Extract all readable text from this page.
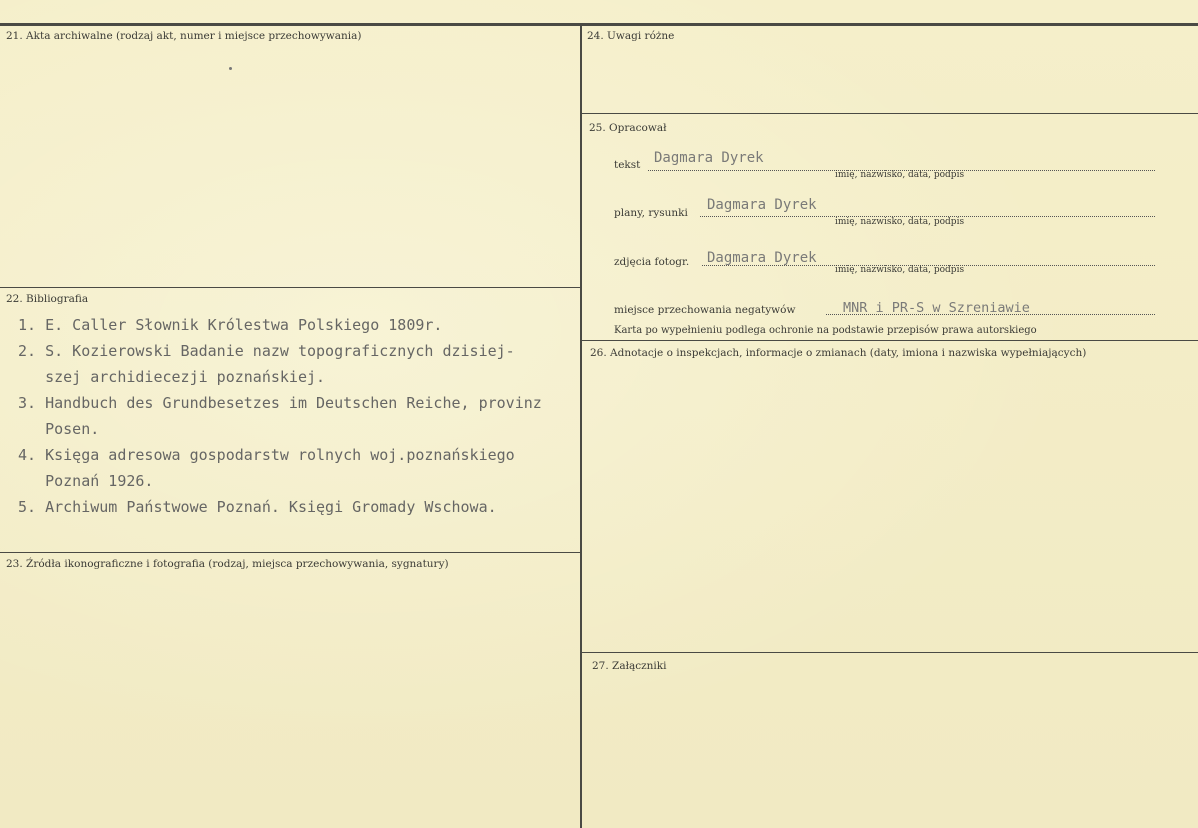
21. Akta archiwalne (rodzaj akt, numer i miejsce przechowywania)
22. Bibliografia
1. E. Caller Słownik Królestwa Polskiego 1809r.
2. S. Kozierowski Badanie nazw topograficznych dzisiej-
szej archidiecezji poznańskiej.
3. Handbuch des Grundbesetzes im Deutschen Reiche, provinz
Posen.
4. Księga adresowa gospodarstw rolnych woj.poznańskiego
Poznań 1926.
5. Archiwum Państwowe Poznań. Księgi Gromady Wschowa.
23. Źródła ikonograficzne i fotografia (rodzaj, miejsca przechowywania, sygnatury)
24. Uwagi różne
25. Opracował
tekst Dagmara Dyrek
imię, nazwisko, data, podpis
plany, rysunki Dagmara Dyrek
imię, nazwisko, data, podpis
zdjęcia fotogr. Dagmara Dyrek
imię, nazwisko, data, podpis
miejsce przechowania negatywów	MNR i PR-S w Szreniawie
Karta po wypełnieniu podlega ochronie na podstawie przepisów prawa autorskiego
26. Adnotacje o inspekcjach, informacje o zmianach (daty, imiona i nazwiska wypełniających)
27. Załączniki
